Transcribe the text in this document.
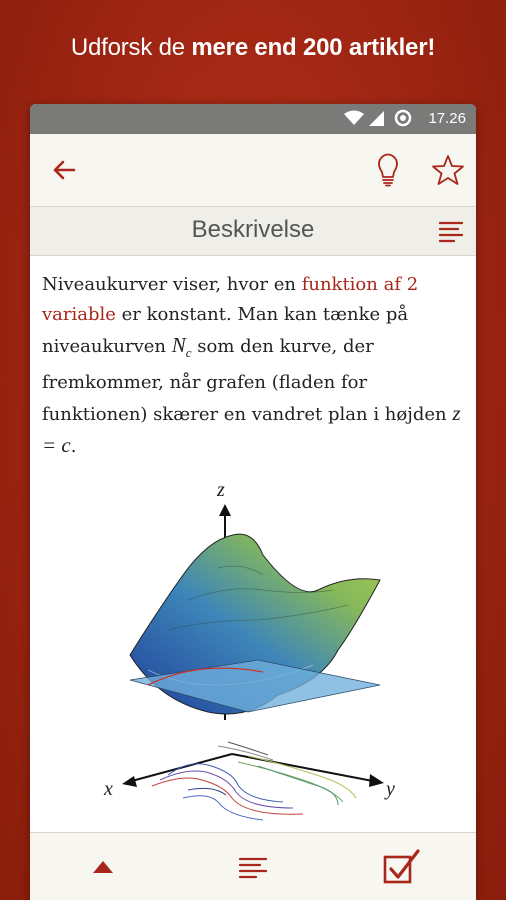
Udforsk de mere end 200 artikler!
17.26
Beskrivelse
Niveaukurver viser, hvor en funktion af 2 variable er konstant. Man kan tænke på niveaukurven $N_c$ som den kurve, der fremkommer, når grafen (fladen for funktionen) skærer en vandret plan i højden z = c.
z
x	y
